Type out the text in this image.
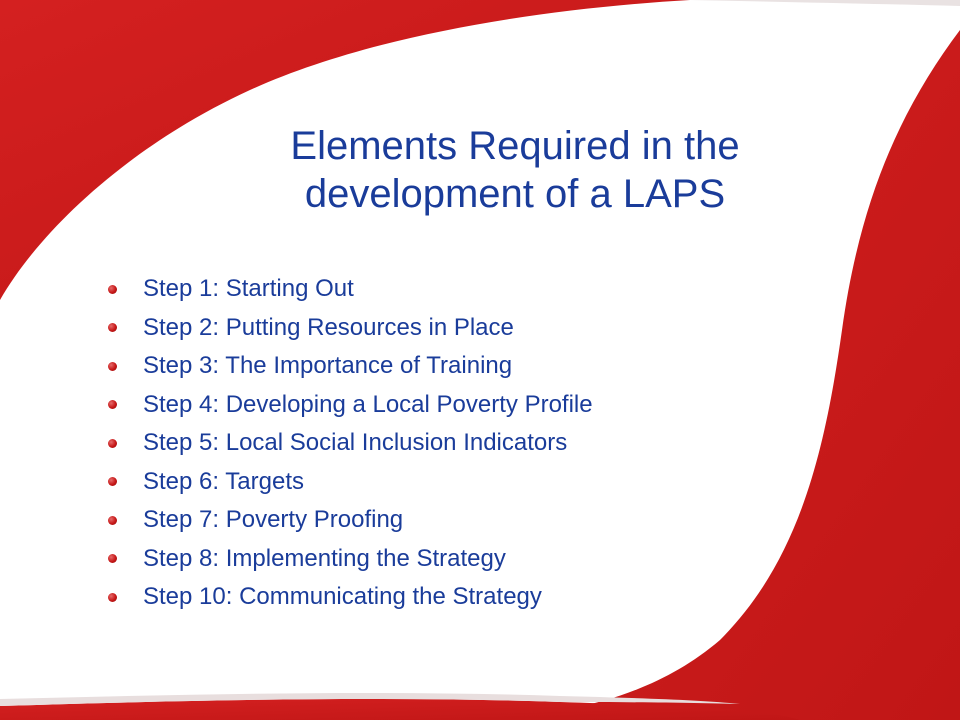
Elements Required in the
development of a LAPS
Step 1: Starting Out
Step 2: Putting Resources in Place
Step 3: The Importance of Training
Step 4: Developing a Local Poverty Profile
Step 5: Local Social Inclusion Indicators
Step 6: Targets
Step 7: Poverty Proofing
Step 8: Implementing the Strategy
Step 10: Communicating the Strategy
